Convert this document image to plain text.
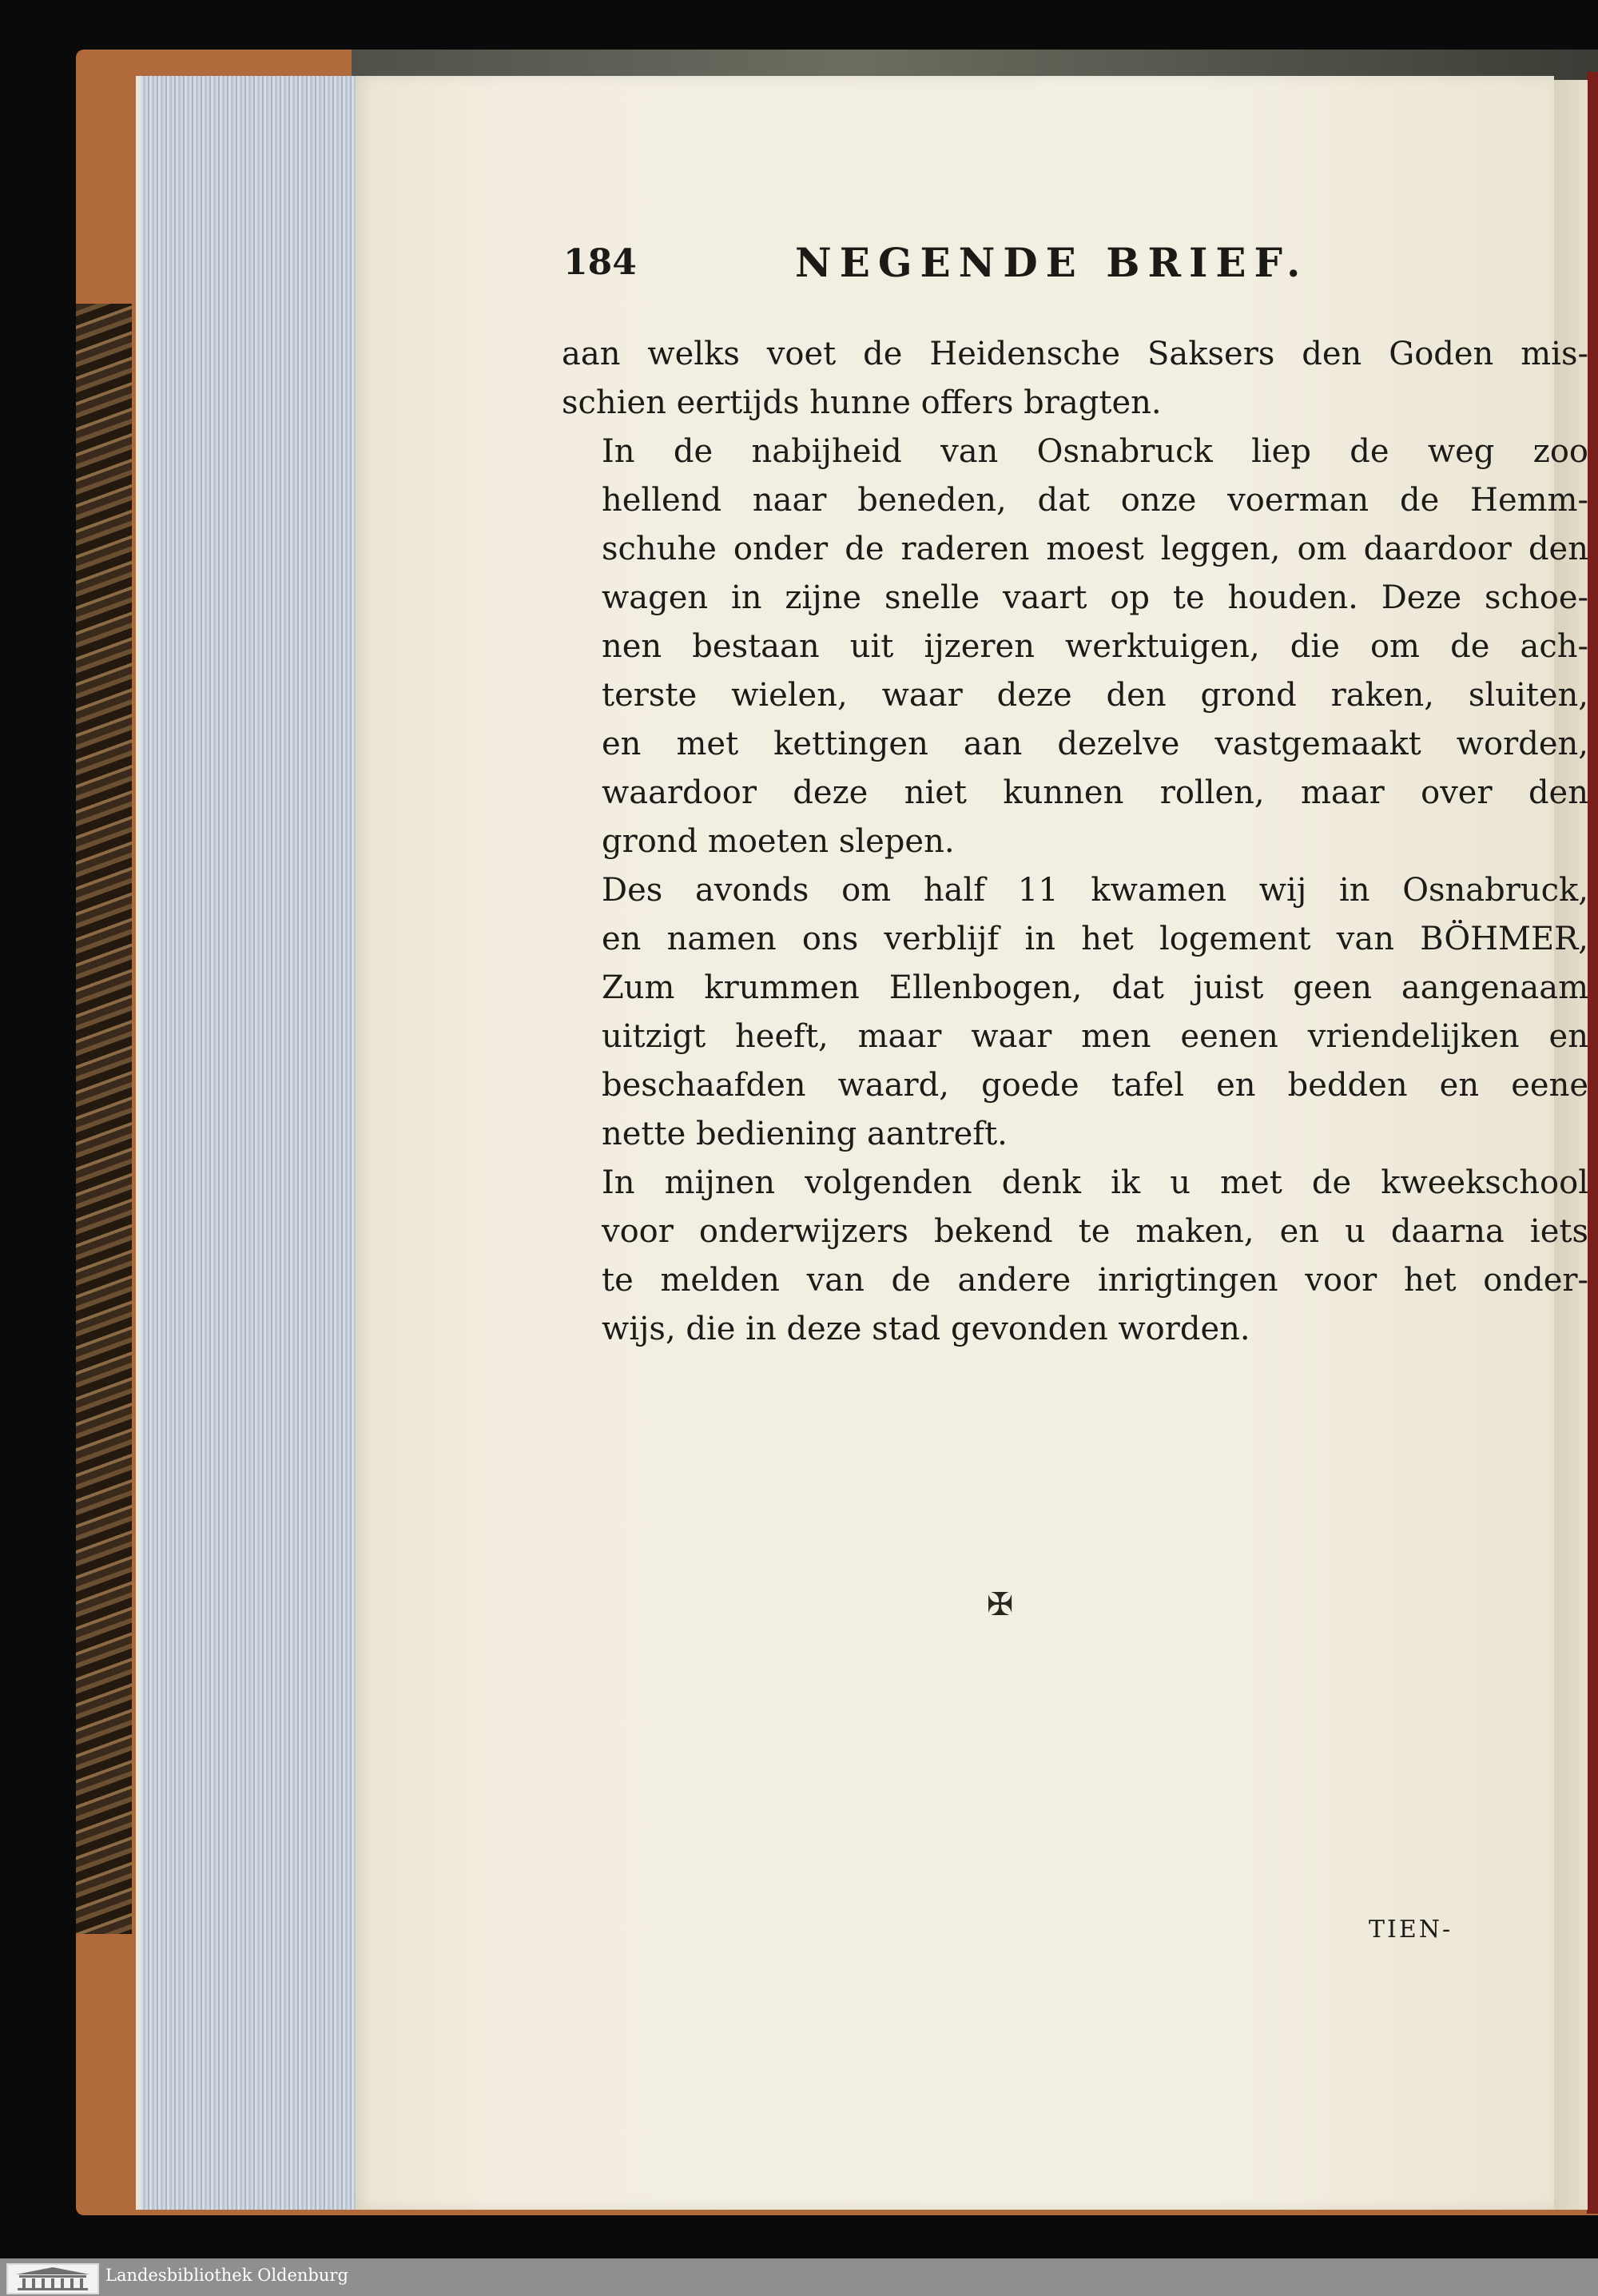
184	NEGENDE BRIEF.

aan welks voet de Heidensche Saksers den Goden mis-
schien eertijds hunne offers bragten.

In de nabijheid van Osnabruck liep de weg zoo
hellend naar beneden, dat onze voerman de Hemm-
schuhe onder de raderen moest leggen, om daardoor den
wagen in zijne snelle vaart op te houden. Deze schoe-
nen bestaan uit ijzeren werktuigen, die om de ach-
terste wielen, waar deze den grond raken, sluiten,
en met kettingen aan dezelve vastgemaakt worden,
waardoor deze niet kunnen rollen, maar over den
grond moeten slepen.

Des avonds om half 11 kwamen wij in Osnabruck,
en namen ons verblijf in het logement van BÖHMER,
Zum krummen Ellenbogen, dat juist geen aangenaam
uitzigt heeft, maar waar men eenen vriendelijken en
beschaafden waard, goede tafel en bedden en eene
nette bediening aantreft.

In mijnen volgenden denk ik u met de kweekschool
voor onderwijzers bekend te maken, en u daarna iets
te melden van de andere inrigtingen voor het onder-
wijs, die in deze stad gevonden worden.

✠
TIEN-
Landesbibliothek Oldenburg
